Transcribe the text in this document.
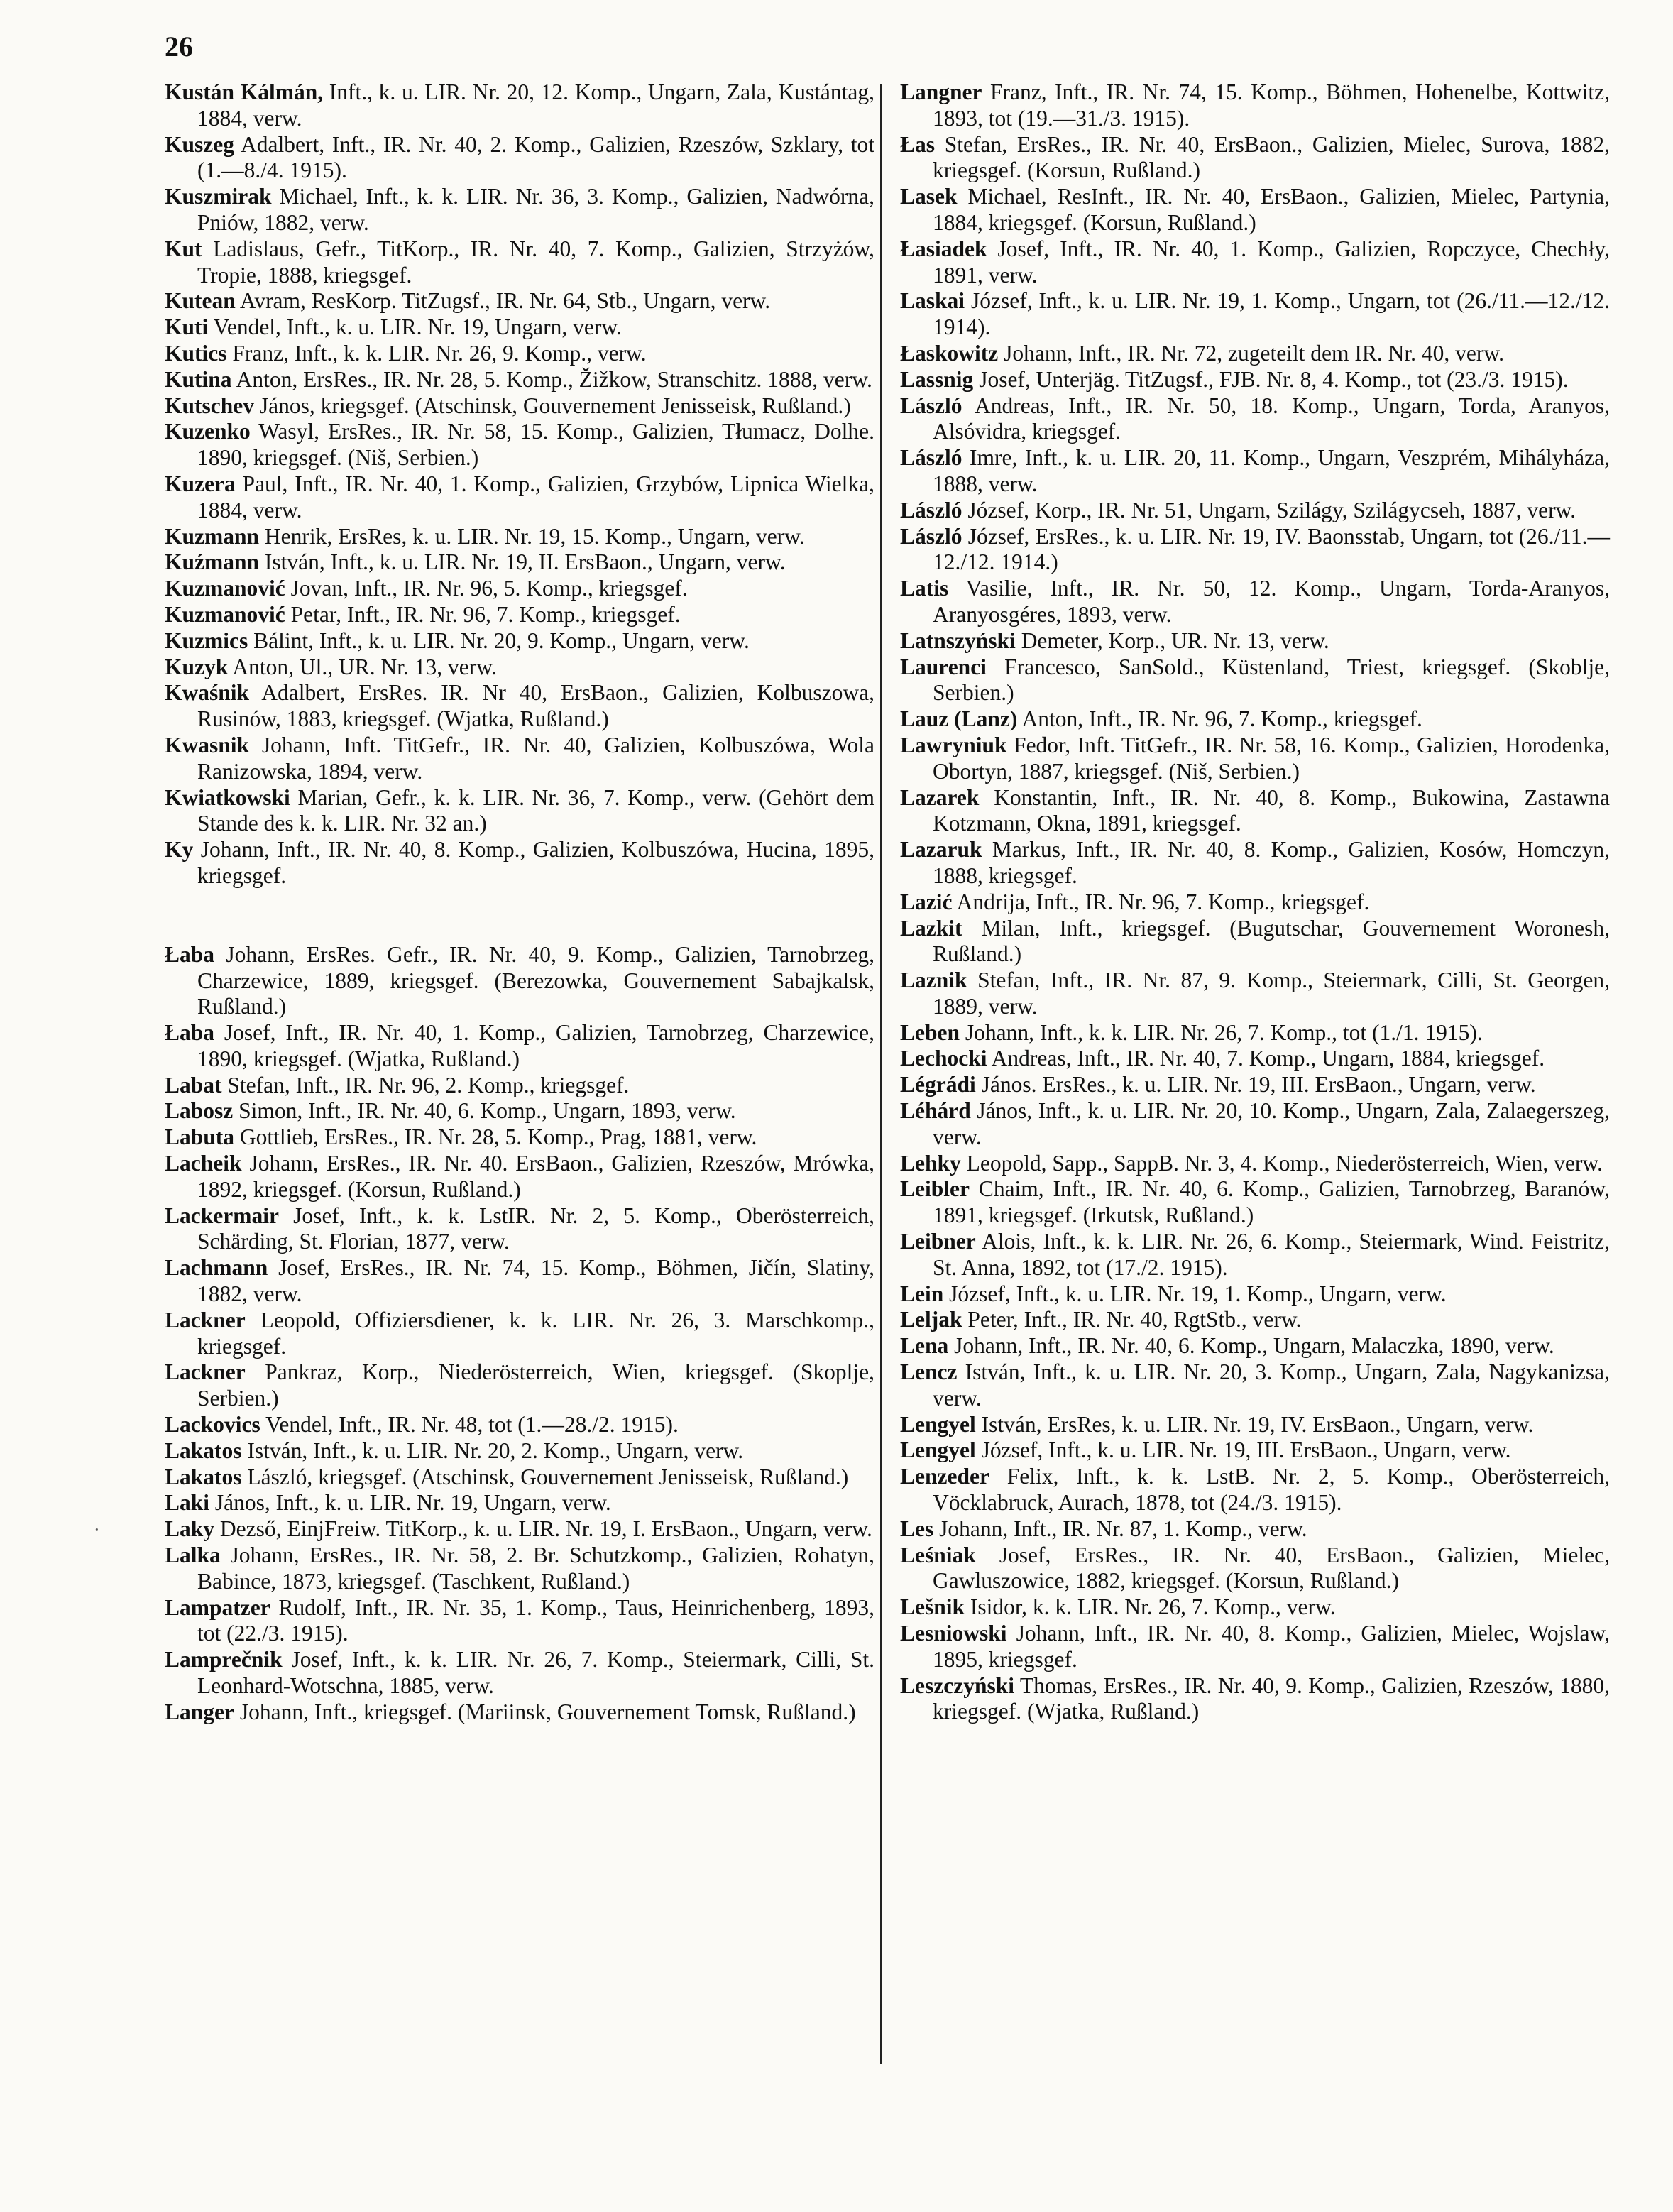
26
Kustán Kálmán, Inft., k. u. LIR. Nr. 20, 12. Komp., Ungarn, Zala, Kustántag, 1884, verw.
Kuszeg Adalbert, Inft., IR. Nr. 40, 2. Komp., Galizien, Rzeszów, Szklary, tot (1.—8./4. 1915).
Kuszmirak Michael, Inft., k. k. LIR. Nr. 36, 3. Komp., Galizien, Nadwórna, Pniów, 1882, verw.
Kut Ladislaus, Gefr., TitKorp., IR. Nr. 40, 7. Komp., Galizien, Strzyżów, Tropie, 1888, kriegsgef.
Kutean Avram, ResKorp. TitZugsf., IR. Nr. 64, Stb., Ungarn, verw.
Kuti Vendel, Inft., k. u. LIR. Nr. 19, Ungarn, verw.
Kutics Franz, Inft., k. k. LIR. Nr. 26, 9. Komp., verw.
Kutina Anton, ErsRes., IR. Nr. 28, 5. Komp., Žižkow, Stranschitz. 1888, verw.
Kutschev János, kriegsgef. (Atschinsk, Gouvernement Jenisseisk, Rußland.)
Kuzenko Wasyl, ErsRes., IR. Nr. 58, 15. Komp., Galizien, Tłumacz, Dolhe. 1890, kriegsgef. (Niš, Serbien.)
Kuzera Paul, Inft., IR. Nr. 40, 1. Komp., Galizien, Grzybów, Lipnica Wielka, 1884, verw.
Kuzmann Henrik, ErsRes, k. u. LIR. Nr. 19, 15. Komp., Ungarn, verw.
Kuźmann István, Inft., k. u. LIR. Nr. 19, II. ErsBaon., Ungarn, verw.
Kuzmanović Jovan, Inft., IR. Nr. 96, 5. Komp., kriegsgef.
Kuzmanović Petar, Inft., IR. Nr. 96, 7. Komp., kriegsgef.
Kuzmics Bálint, Inft., k. u. LIR. Nr. 20, 9. Komp., Ungarn, verw.
Kuzyk Anton, Ul., UR. Nr. 13, verw.
Kwaśnik Adalbert, ErsRes. IR. Nr 40, ErsBaon., Galizien, Kolbuszowa, Rusinów, 1883, kriegsgef. (Wjatka, Rußland.)
Kwasnik Johann, Inft. TitGefr., IR. Nr. 40, Galizien, Kolbuszówa, Wola Ranizowska, 1894, verw.
Kwiatkowski Marian, Gefr., k. k. LIR. Nr. 36, 7. Komp., verw. (Gehört dem Stande des k. k. LIR. Nr. 32 an.)
Ky Johann, Inft., IR. Nr. 40, 8. Komp., Galizien, Kolbuszówa, Hucina, 1895, kriegsgef.
Łaba Johann, ErsRes. Gefr., IR. Nr. 40, 9. Komp., Galizien, Tarnobrzeg, Charzewice, 1889, kriegsgef. (Berezowka, Gouvernement Sabajkalsk, Rußland.)
Łaba Josef, Inft., IR. Nr. 40, 1. Komp., Galizien, Tarnobrzeg, Charzewice, 1890, kriegsgef. (Wjatka, Rußland.)
Labat Stefan, Inft., IR. Nr. 96, 2. Komp., kriegsgef.
Labosz Simon, Inft., IR. Nr. 40, 6. Komp., Ungarn, 1893, verw.
Labuta Gottlieb, ErsRes., IR. Nr. 28, 5. Komp., Prag, 1881, verw.
Lacheik Johann, ErsRes., IR. Nr. 40. ErsBaon., Galizien, Rzeszów, Mrówka, 1892, kriegsgef. (Korsun, Rußland.)
Lackermair Josef, Inft., k. k. LstIR. Nr. 2, 5. Komp., Oberösterreich, Schärding, St. Florian, 1877, verw.
Lachmann Josef, ErsRes., IR. Nr. 74, 15. Komp., Böhmen, Jičín, Slatiny, 1882, verw.
Lackner Leopold, Offiziersdiener, k. k. LIR. Nr. 26, 3. Marschkomp., kriegsgef.
Lackner Pankraz, Korp., Niederösterreich, Wien, kriegsgef. (Skoplje, Serbien.)
Lackovics Vendel, Inft., IR. Nr. 48, tot (1.—28./2. 1915).
Lakatos István, Inft., k. u. LIR. Nr. 20, 2. Komp., Ungarn, verw.
Lakatos László, kriegsgef. (Atschinsk, Gouvernement Jenisseisk, Rußland.)
Laki János, Inft., k. u. LIR. Nr. 19, Ungarn, verw.
Laky Dezső, EinjFreiw. TitKorp., k. u. LIR. Nr. 19, I. ErsBaon., Ungarn, verw.
Lalka Johann, ErsRes., IR. Nr. 58, 2. Br. Schutzkomp., Galizien, Rohatyn, Babince, 1873, kriegsgef. (Taschkent, Rußland.)
Lampatzer Rudolf, Inft., IR. Nr. 35, 1. Komp., Taus, Heinrichenberg, 1893, tot (22./3. 1915).
Lamprečnik Josef, Inft., k. k. LIR. Nr. 26, 7. Komp., Steiermark, Cilli, St. Leonhard-Wotschna, 1885, verw.
Langer Johann, Inft., kriegsgef. (Mariinsk, Gouvernement Tomsk, Rußland.)
Langner Franz, Inft., IR. Nr. 74, 15. Komp., Böhmen, Hohenelbe, Kottwitz, 1893, tot (19.—31./3. 1915).
Łas Stefan, ErsRes., IR. Nr. 40, ErsBaon., Galizien, Mielec, Surova, 1882, kriegsgef. (Korsun, Rußland.)
Lasek Michael, ResInft., IR. Nr. 40, ErsBaon., Galizien, Mielec, Partynia, 1884, kriegsgef. (Korsun, Rußland.)
Łasiadek Josef, Inft., IR. Nr. 40, 1. Komp., Galizien, Ropczyce, Chechły, 1891, verw.
Laskai József, Inft., k. u. LIR. Nr. 19, 1. Komp., Ungarn, tot (26./11.—12./12. 1914).
Łaskowitz Johann, Inft., IR. Nr. 72, zugeteilt dem IR. Nr. 40, verw.
Lassnig Josef, Unterjäg. TitZugsf., FJB. Nr. 8, 4. Komp., tot (23./3. 1915).
László Andreas, Inft., IR. Nr. 50, 18. Komp., Ungarn, Torda, Aranyos, Alsóvidra, kriegsgef.
László Imre, Inft., k. u. LIR. 20, 11. Komp., Ungarn, Veszprém, Mihályháza, 1888, verw.
László József, Korp., IR. Nr. 51, Ungarn, Szilágy, Szilágycseh, 1887, verw.
László József, ErsRes., k. u. LIR. Nr. 19, IV. Baonsstab, Ungarn, tot (26./11.—12./12. 1914.)
Latis Vasilie, Inft., IR. Nr. 50, 12. Komp., Ungarn, Torda-Aranyos, Aranyosgéres, 1893, verw.
Latnszyński Demeter, Korp., UR. Nr. 13, verw.
Laurenci Francesco, SanSold., Küstenland, Triest, kriegsgef. (Skoblje, Serbien.)
Lauz (Lanz) Anton, Inft., IR. Nr. 96, 7. Komp., kriegsgef.
Lawryniuk Fedor, Inft. TitGefr., IR. Nr. 58, 16. Komp., Galizien, Horodenka, Obortyn, 1887, kriegsgef. (Niš, Serbien.)
Lazarek Konstantin, Inft., IR. Nr. 40, 8. Komp., Bukowina, Zastawna Kotzmann, Okna, 1891, kriegsgef.
Lazaruk Markus, Inft., IR. Nr. 40, 8. Komp., Galizien, Kosów, Homczyn, 1888, kriegsgef.
Lazić Andrija, Inft., IR. Nr. 96, 7. Komp., kriegsgef.
Lazkit Milan, Inft., kriegsgef. (Bugutschar, Gouvernement Woronesh, Rußland.)
Laznik Stefan, Inft., IR. Nr. 87, 9. Komp., Steiermark, Cilli, St. Georgen, 1889, verw.
Leben Johann, Inft., k. k. LIR. Nr. 26, 7. Komp., tot (1./1. 1915).
Lechocki Andreas, Inft., IR. Nr. 40, 7. Komp., Ungarn, 1884, kriegsgef.
Légrádi János. ErsRes., k. u. LIR. Nr. 19, III. ErsBaon., Ungarn, verw.
Léhárd János, Inft., k. u. LIR. Nr. 20, 10. Komp., Ungarn, Zala, Zalaegerszeg, verw.
Lehky Leopold, Sapp., SappB. Nr. 3, 4. Komp., Niederösterreich, Wien, verw.
Leibler Chaim, Inft., IR. Nr. 40, 6. Komp., Galizien, Tarnobrzeg, Baranów, 1891, kriegsgef. (Irkutsk, Rußland.)
Leibner Alois, Inft., k. k. LIR. Nr. 26, 6. Komp., Steiermark, Wind. Feistritz, St. Anna, 1892, tot (17./2. 1915).
Lein József, Inft., k. u. LIR. Nr. 19, 1. Komp., Ungarn, verw.
Leljak Peter, Inft., IR. Nr. 40, RgtStb., verw.
Lena Johann, Inft., IR. Nr. 40, 6. Komp., Ungarn, Malaczka, 1890, verw.
Lencz István, Inft., k. u. LIR. Nr. 20, 3. Komp., Ungarn, Zala, Nagykanizsa, verw.
Lengyel István, ErsRes, k. u. LIR. Nr. 19, IV. ErsBaon., Ungarn, verw.
Lengyel József, Inft., k. u. LIR. Nr. 19, III. ErsBaon., Ungarn, verw.
Lenzeder Felix, Inft., k. k. LstB. Nr. 2, 5. Komp., Oberösterreich, Vöcklabruck, Aurach, 1878, tot (24./3. 1915).
Les Johann, Inft., IR. Nr. 87, 1. Komp., verw.
Leśniak Josef, ErsRes., IR. Nr. 40, ErsBaon., Galizien, Mielec, Gawluszowice, 1882, kriegsgef. (Korsun, Rußland.)
Lešnik Isidor, k. k. LIR. Nr. 26, 7. Komp., verw.
Lesniowski Johann, Inft., IR. Nr. 40, 8. Komp., Galizien, Mielec, Wojslaw, 1895, kriegsgef.
Leszczyński Thomas, ErsRes., IR. Nr. 40, 9. Komp., Galizien, Rzeszów, 1880, kriegsgef. (Wjatka, Rußland.)
·
